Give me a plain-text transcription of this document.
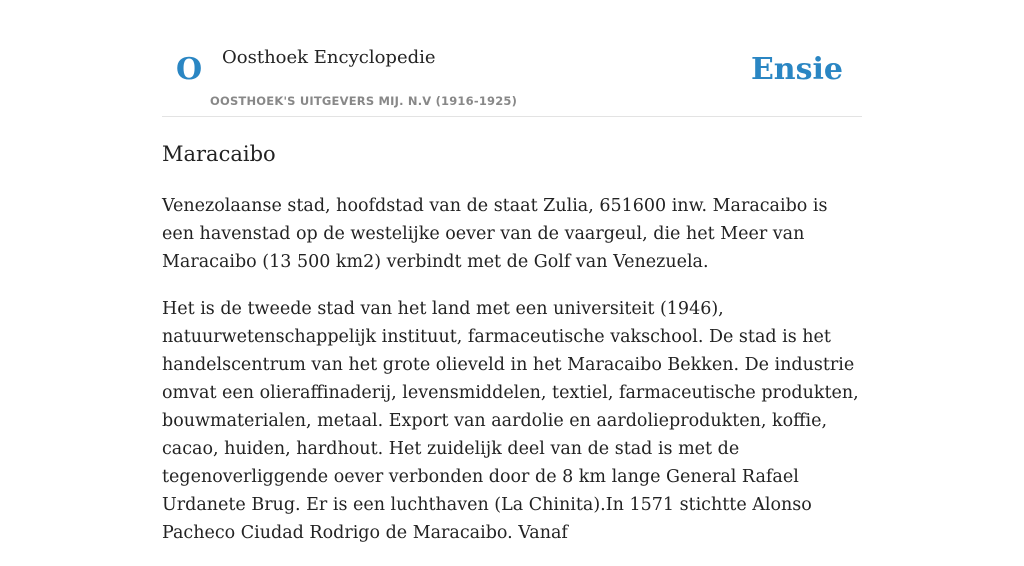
O Oosthoek Encyclopedie
OOSTHOEK'S UITGEVERS MIJ. N.V (1916-1925)
Ensie
Maracaibo

Venezolaanse stad, hoofdstad van de staat Zulia, 651600 inw. Maracaibo is een havenstad op de westelijke oever van de vaargeul, die het Meer van Maracaibo (13 500 km2) verbindt met de Golf van Venezuela.

Het is de tweede stad van het land met een universiteit (1946), natuurwetenschappelijk instituut, farmaceutische vakschool. De stad is het handelscentrum van het grote olieveld in het Maracaibo Bekken. De industrie omvat een olieraffinaderij, levensmiddelen, textiel, farmaceutische produkten, bouwmaterialen, metaal. Export van aardolie en aardolieprodukten, koffie, cacao, huiden, hardhout. Het zuidelijk deel van de stad is met de tegenoverliggende oever verbonden door de 8 km lange General Rafael Urdanete Brug. Er is een luchthaven (La Chinita).In 1571 stichtte Alonso Pacheco Ciudad Rodrigo de Maracaibo. Vanaf
